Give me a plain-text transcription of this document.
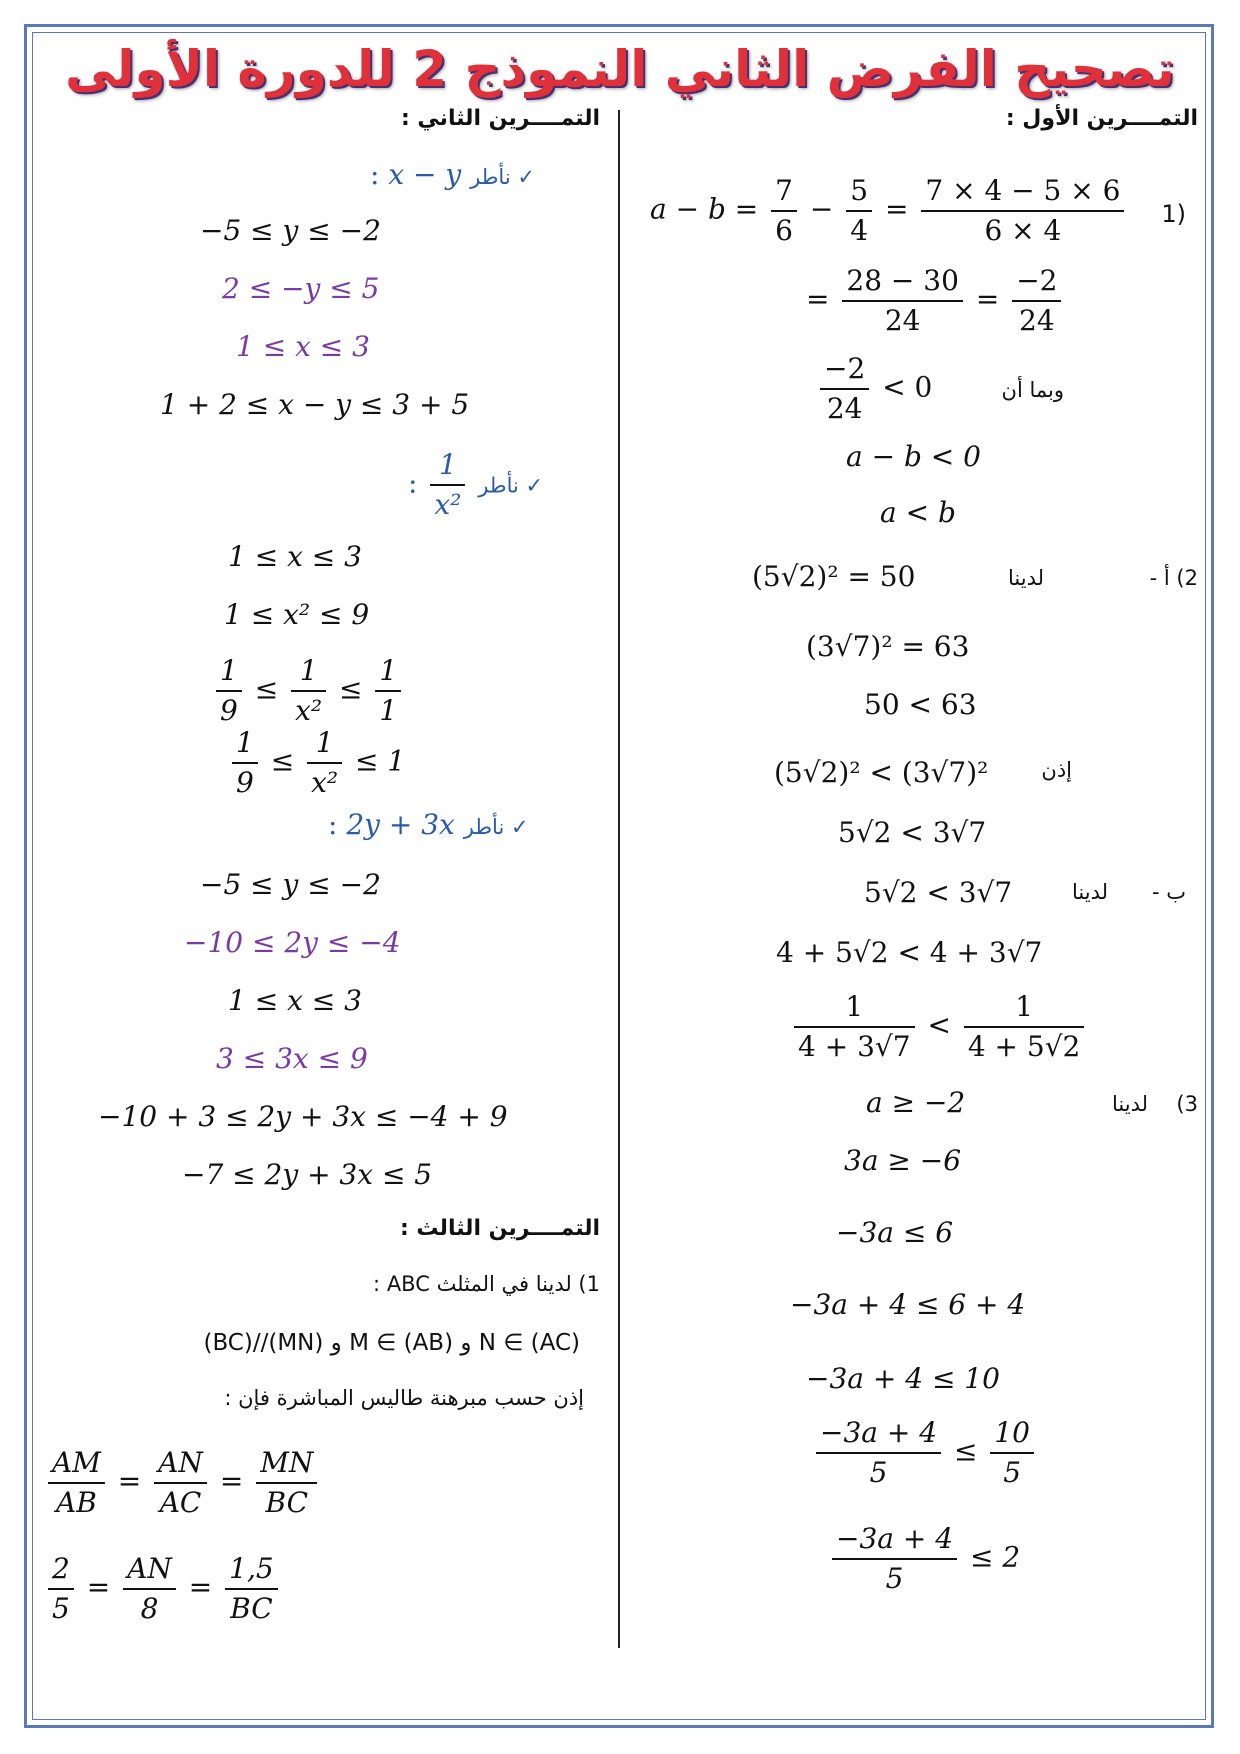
تصحيح الفرض الثاني النموذج 2 للدورة الأولى
التمــــرين الأول :
(1
$a - b = \frac{7}{6} - \frac{5}{4} = \frac{7 \times 4 - 5 \times 6}{6 \times 4}$
= $\frac{28 - 30}{24} = \frac{-2}{24}$
وبما أن
$\frac{-2}{24} < 0$
a − b < 0
a < b
2) أ -
لدينا
(5√2)² = 50
(3√7)² = 63
50 < 63
إذن
(5√2)² < (3√7)²
5√2 < 3√7
ب -
لدينا
5√2 < 3√7
4 + 5√2 < 4 + 3√7
$\frac{1}{4 + 3√7} < \frac{1}{4 + 5√2}$
3)
لدينا
a ≥ −2
3a ≥ −6
−3a ≤ 6
−3a + 4 ≤ 6 + 4
−3a + 4 ≤ 10
$\frac{-3a + 4}{5} \le \frac{10}{5}$
$\frac{-3a + 4}{5} \le 2$
التمــــرين الثاني :
: x − y ✓ نأطر
−5 ≤ y ≤ −2
2 ≤ −y ≤ 5
1 ≤ x ≤ 3
1 + 2 ≤ x − y ≤ 3 + 5
: $\frac{1}{\text{x²}}$ ✓ نأطر
1 ≤ x ≤ 3
1 ≤ x² ≤ 9
$\frac{1}{9} \le \frac{1}{\text{x²}} \le \frac{1}{1}$
$\frac{1}{9} \le \frac{1}{\text{x²}} \le 1$
: 2y + 3x ✓ نأطر
−5 ≤ y ≤ −2
−10 ≤ 2y ≤ −4
1 ≤ x ≤ 3
3 ≤ 3x ≤ 9
−10 + 3 ≤ 2y + 3x ≤ −4 + 9
−7 ≤ 2y + 3x ≤ 5
التمــــرين الثالث :
1) لدينا في المثلث ABC :
N ∈ (AC) و M ∈ (AB) و (MN)//(BC)
إذن حسب مبرهنة طاليس المباشرة فإن :
$\frac{AM}{AB} = \frac{AN}{AC} = \frac{MN}{BC}$
$\frac{2}{5} = \frac{AN}{8} = \frac{1,5}{BC}$
